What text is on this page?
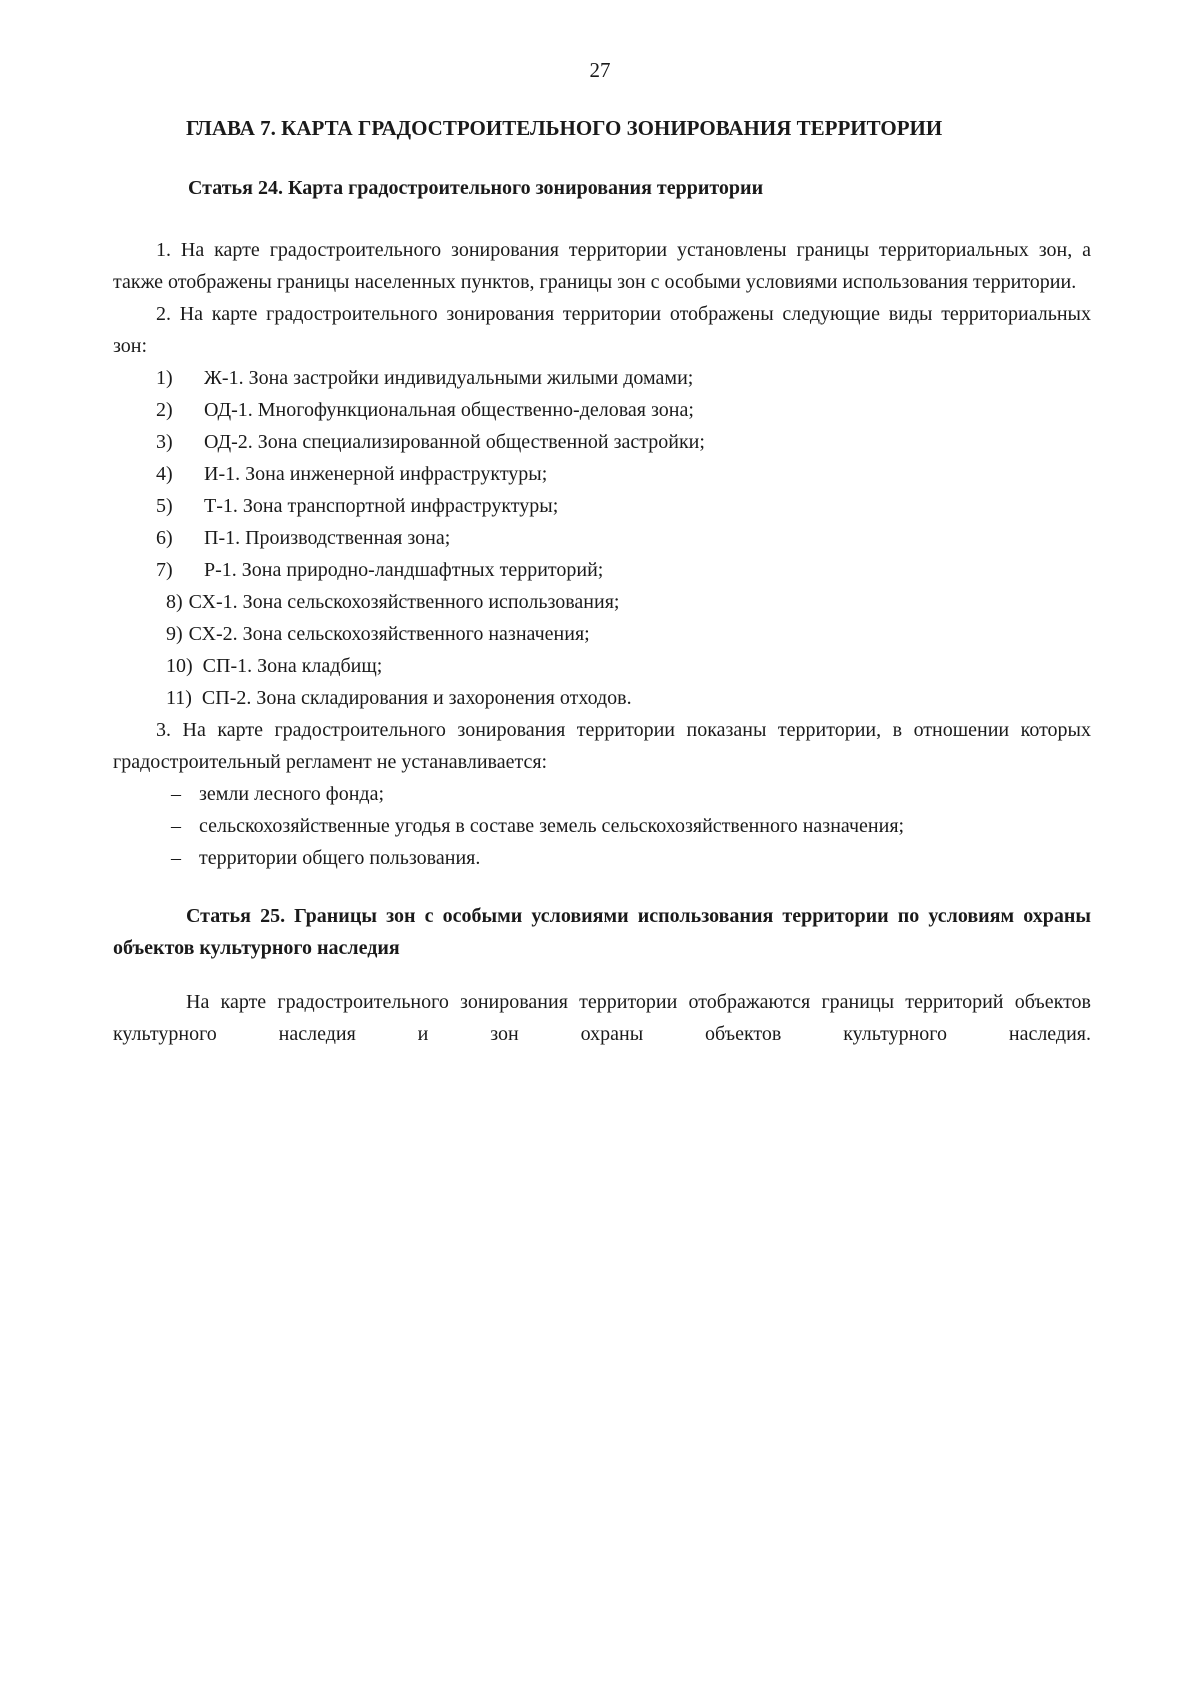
27
ГЛАВА 7. КАРТА ГРАДОСТРОИТЕЛЬНОГО ЗОНИРОВАНИЯ ТЕРРИТОРИИ
Статья 24. Карта градостроительного зонирования территории

1. На карте градостроительного зонирования территории установлены границы территориальных зон, а также отображены границы населенных пунктов, границы зон с особыми условиями использования территории.

2. На карте градостроительного зонирования территории отображены следующие виды территориальных зон:

1)	Ж-1. Зона застройки индивидуальными жилыми домами;
2)	ОД-1. Многофункциональная общественно-деловая зона;
3)	ОД-2. Зона специализированной общественной застройки;
4)	И-1. Зона инженерной инфраструктуры;
5)	Т-1. Зона транспортной инфраструктуры;
6)	П-1. Производственная зона;
7)	Р-1. Зона природно-ландшафтных территорий;
8) СХ-1. Зона сельскохозяйственного использования;
9) СХ-2. Зона сельскохозяйственного назначения;
10) СП-1. Зона кладбищ;
11) СП-2. Зона складирования и захоронения отходов.

3. На карте градостроительного зонирования территории показаны территории, в отношении которых градостроительный регламент не устанавливается:

– земли лесного фонда;
– сельскохозяйственные угодья в составе земель сельскохозяйственного назначения;
– территории общего пользования.
Статья 25. Границы зон с особыми условиями использования территории по условиям охраны объектов культурного наследия

На карте градостроительного зонирования территории отображаются границы территорий объектов культурного наследия и зон охраны объектов культурного наследия.
